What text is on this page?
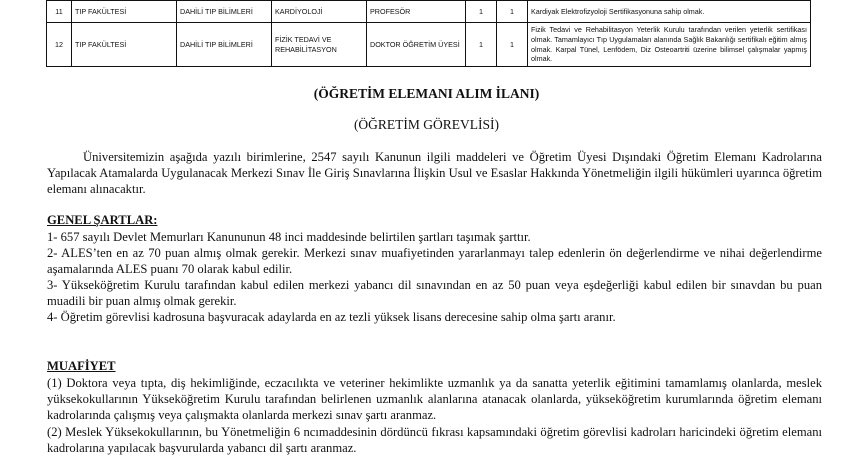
11	TIP FAKÜLTESİ	DAHİLİ TIP BİLİMLERİ	KARDİYOLOJİ	PROFESÖR	1	1	Kardiyak Elektrofizyoloji Sertifikasyonuna sahip olmak.
12	TIP FAKÜLTESİ	DAHİLİ TIP BİLİMLERİ	FİZİK TEDAVİ VE REHABİLİTASYON	DOKTOR ÖĞRETİM ÜYESİ	1	1	Fizik Tedavi ve Rehabilitasyon Yeterlik Kurulu tarafından verilen yeterlik sertifikası olmak. Tamamlayıcı Tıp Uygulamaları alanında Sağlık Bakanlığı sertifikalı eğitim almış olmak. Karpal Tünel, Lenfödem, Diz Osteoartriti üzerine bilimsel çalışmalar yapmış olmak.
(ÖĞRETİM ELEMANI ALIM İLANI)
(ÖĞRETİM GÖREVLİSİ)
Üniversitemizin aşağıda yazılı birimlerine, 2547 sayılı Kanunun ilgili maddeleri ve Öğretim Üyesi Dışındaki Öğretim Elemanı Kadrolarına Yapılacak Atamalarda Uygulanacak Merkezi Sınav İle Giriş Sınavlarına İlişkin Usul ve Esaslar Hakkında Yönetmeliğin ilgili hükümleri uyarınca öğretim elemanı alınacaktır.
GENEL ŞARTLAR:
1- 657 sayılı Devlet Memurları Kanununun 48 inci maddesinde belirtilen şartları taşımak şarttır.
2- ALES’ten en az 70 puan almış olmak gerekir. Merkezi sınav muafiyetinden yararlanmayı talep edenlerin ön değerlendirme ve nihai değerlendirme aşamalarında ALES puanı 70 olarak kabul edilir.
3- Yükseköğretim Kurulu tarafından kabul edilen merkezi yabancı dil sınavından en az 50 puan veya eşdeğerliği kabul edilen bir sınavdan bu puan muadili bir puan almış olmak gerekir.
4- Öğretim görevlisi kadrosuna başvuracak adaylarda en az tezli yüksek lisans derecesine sahip olma şartı aranır.
MUAFİYET
(1) Doktora veya tıpta, diş hekimliğinde, eczacılıkta ve veteriner hekimlikte uzmanlık ya da sanatta yeterlik eğitimini tamamlamış olanlarda, meslek yüksekokullarının Yükseköğretim Kurulu tarafından belirlenen uzmanlık alanlarına atanacak olanlarda, yükseköğretim kurumlarında öğretim elemanı kadrolarında çalışmış veya çalışmakta olanlarda merkezi sınav şartı aranmaz.
(2) Meslek Yüksekokullarının, bu Yönetmeliğin 6 ncımaddesinin dördüncü fıkrası kapsamındaki öğretim görevlisi kadroları haricindeki öğretim elemanı kadrolarına yapılacak başvurularda yabancı dil şartı aranmaz.
